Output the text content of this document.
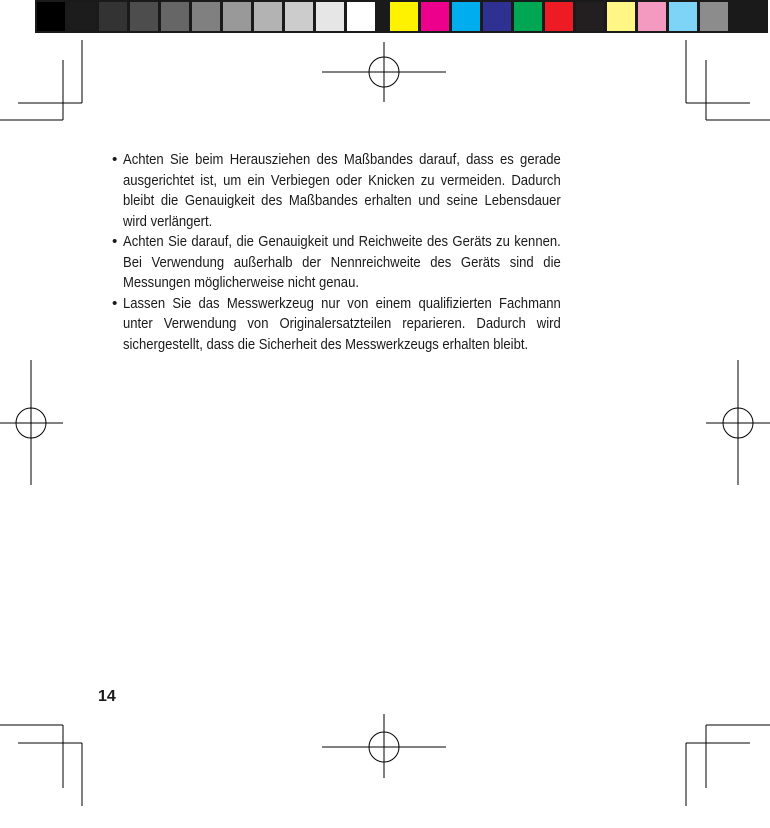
• Achten Sie beim Herausziehen des Maßbandes darauf, dass es gerade ausgerichtet ist, um ein Verbiegen oder Knicken zu vermeiden. Dadurch bleibt die Genauigkeit des Maßbandes erhalten und seine Lebensdauer wird verlängert.

• Achten Sie darauf, die Genauigkeit und Reichweite des Geräts zu kennen. Bei Verwendung außerhalb der Nennreichweite des Geräts sind die Messungen möglicherweise nicht genau.

• Lassen Sie das Messwerkzeug nur von einem qualifizierten Fachmann unter Verwendung von Originalersatzteilen reparieren. Dadurch wird sichergestellt, dass die Sicherheit des Messwerkzeugs erhalten bleibt.

14
